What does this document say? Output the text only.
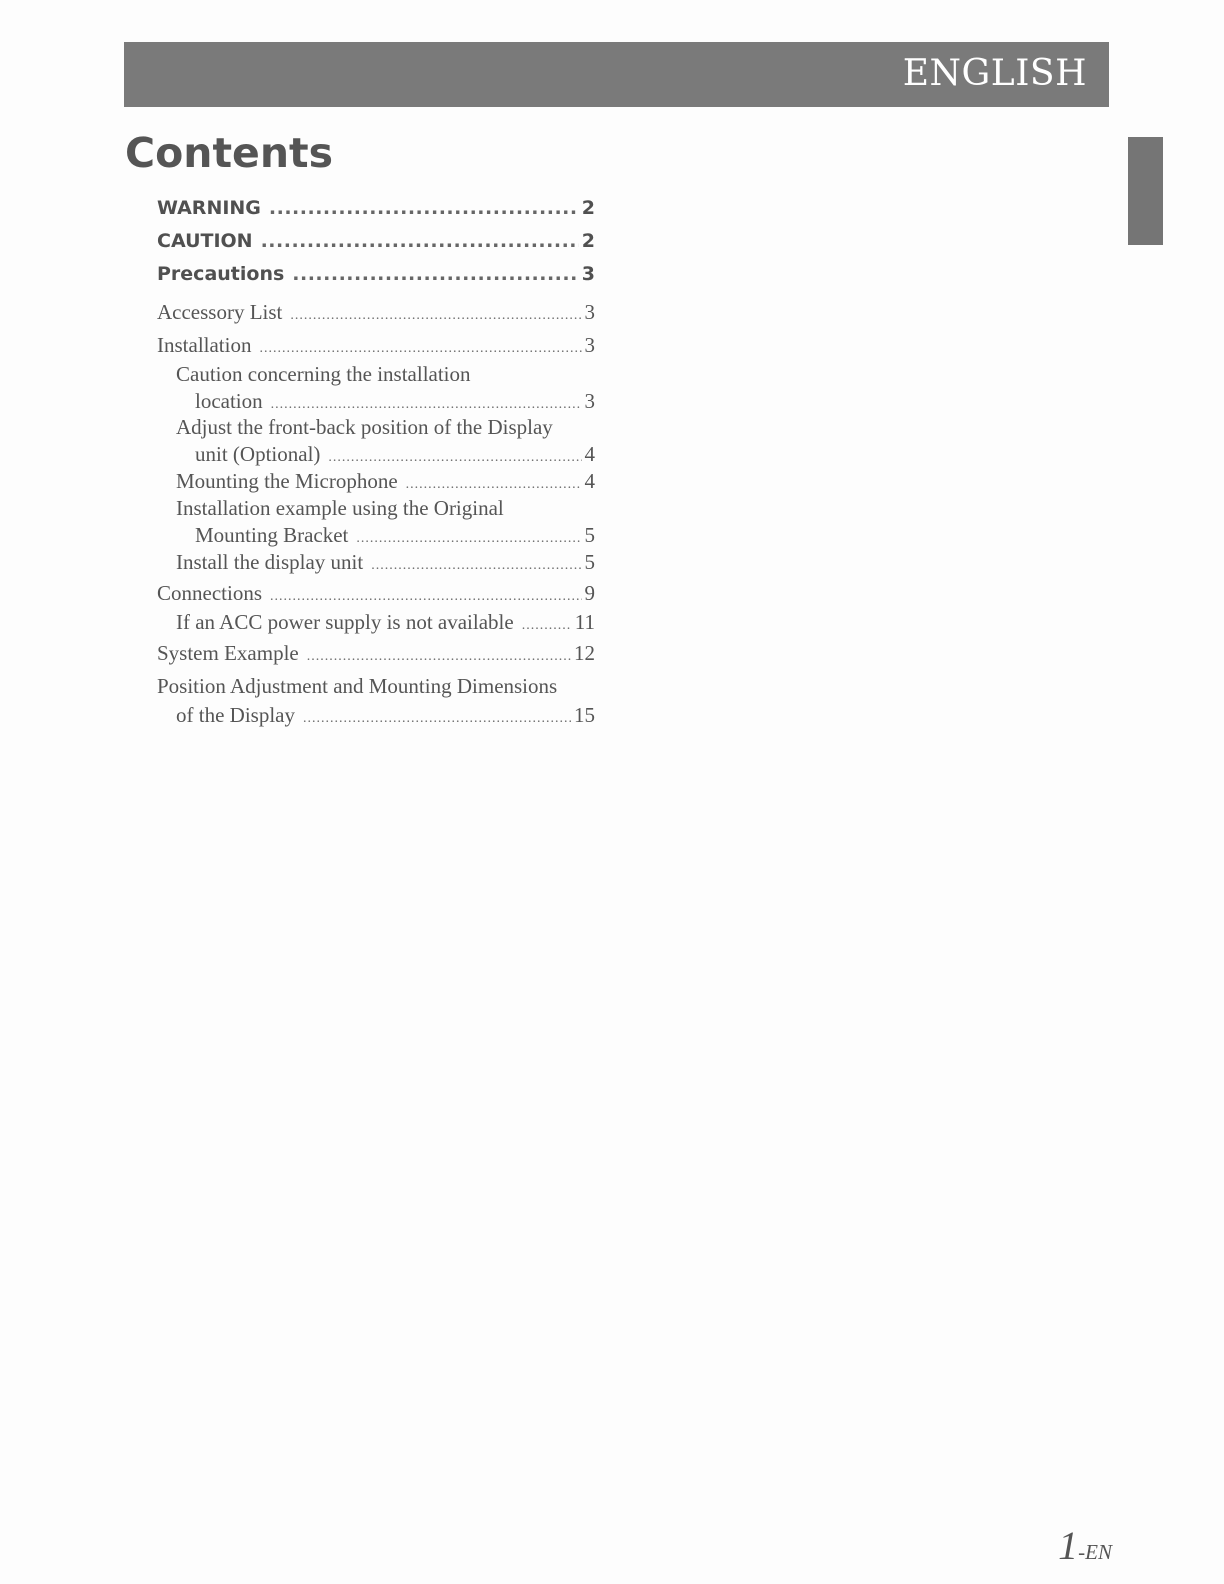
ENGLISH
Contents
WARNING .....	2
CAUTION .....	2
Precautions .....	3
Accessory List .....	3
Installation .....	3
Caution concerning the installation
location .....	3
Adjust the front-back position of the Display
unit (Optional) .....	4
Mounting the Microphone .....	4
Installation example using the Original
Mounting Bracket .....	5
Install the display unit .....	5
Connections .....	9
If an ACC power supply is not available .....	11
System Example .....	12
Position Adjustment and Mounting Dimensions
of the Display .....	15
1-EN
